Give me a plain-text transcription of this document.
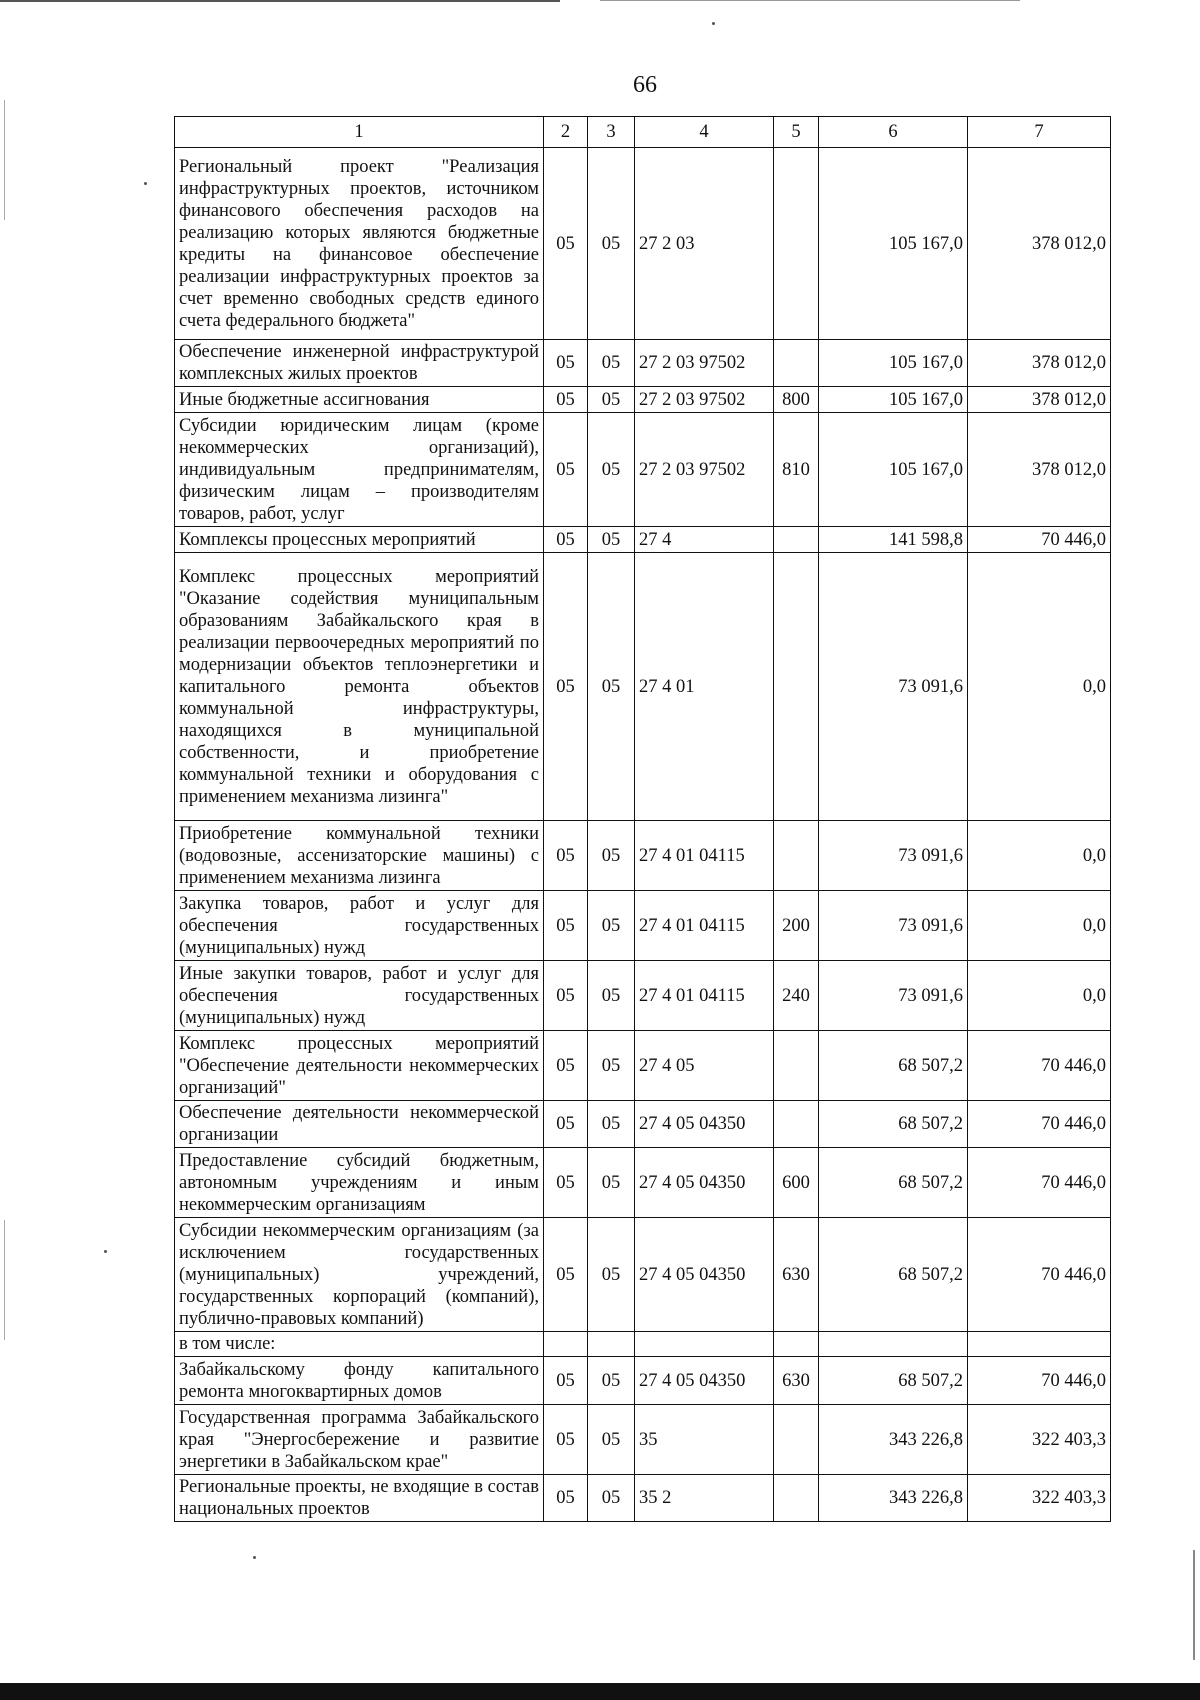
66
1	2	3	4	5	6	7
Региональный проект "Реализация инфраструктурных проектов, источником финансового обеспечения расходов на реализацию которых являются бюджетные кредиты на финансовое обеспечение реализации инфраструктурных проектов за счет временно свободных средств единого счета федерального бюджета"	05	05	27 2 03		105 167,0	378 012,0
Обеспечение инженерной инфраструктурой комплексных жилых проектов	05	05	27 2 03 97502		105 167,0	378 012,0
Иные бюджетные ассигнования	05	05	27 2 03 97502	800	105 167,0	378 012,0
Субсидии юридическим лицам (кроме некоммерческих организаций), индивидуальным предпринимателям, физическим лицам – производителям товаров, работ, услуг	05	05	27 2 03 97502	810	105 167,0	378 012,0
Комплексы процессных мероприятий	05	05	27 4		141 598,8	70 446,0
Комплекс процессных мероприятий "Оказание содействия муниципальным образованиям Забайкальского края в реализации первоочередных мероприятий по модернизации объектов теплоэнергетики и капитального ремонта объектов коммунальной инфраструктуры, находящихся в муниципальной собственности, и приобретение коммунальной техники и оборудования с применением механизма лизинга"	05	05	27 4 01		73 091,6	0,0
Приобретение коммунальной техники (водовозные, ассенизаторские машины) с применением механизма лизинга	05	05	27 4 01 04115		73 091,6	0,0
Закупка товаров, работ и услуг для обеспечения государственных (муниципальных) нужд	05	05	27 4 01 04115	200	73 091,6	0,0
Иные закупки товаров, работ и услуг для обеспечения государственных (муниципальных) нужд	05	05	27 4 01 04115	240	73 091,6	0,0
Комплекс процессных мероприятий "Обеспечение деятельности некоммерческих организаций"	05	05	27 4 05		68 507,2	70 446,0
Обеспечение деятельности некоммерческой организации	05	05	27 4 05 04350		68 507,2	70 446,0
Предоставление субсидий бюджетным, автономным учреждениям и иным некоммерческим организациям	05	05	27 4 05 04350	600	68 507,2	70 446,0
Субсидии некоммерческим организациям (за исключением государственных (муниципальных) учреждений, государственных корпораций (компаний), публично-правовых компаний)	05	05	27 4 05 04350	630	68 507,2	70 446,0
в том числе:						
Забайкальскому фонду капитального ремонта многоквартирных домов	05	05	27 4 05 04350	630	68 507,2	70 446,0
Государственная программа Забайкальского края "Энергосбережение и развитие энергетики в Забайкальском крае"	05	05	35		343 226,8	322 403,3
Региональные проекты, не входящие в состав национальных проектов	05	05	35 2		343 226,8	322 403,3
